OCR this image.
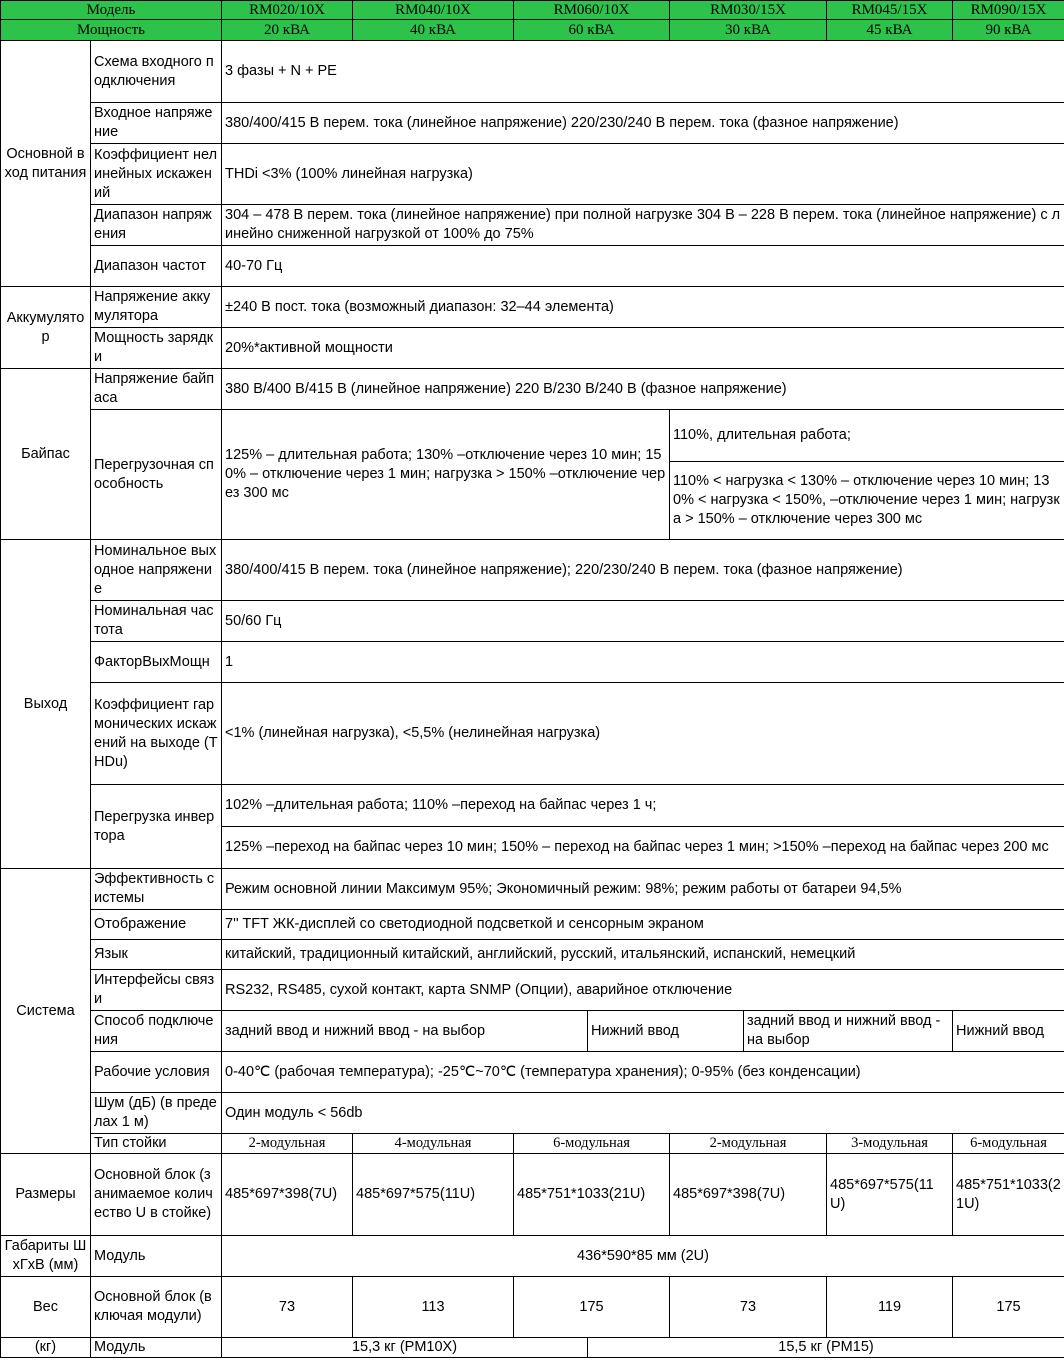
Модель		RM020/10X	RM040/10X	RM060/10X		RM030/15X		RM045/15X	RM090/15X
Мощность		20 кВА	40 кВА	60 кВА		30 кВА		45 кВА	90 кВА
Основной вход питания	Схема входного подключения	3 фазы + N + PE							
	Входное напряжение	380/400/415 В перем. тока (линейное напряжение) 220/230/240 В перем. тока (фазное напряжение)							
	Коэффициент нелинейных искажений	THDi <3% (100% линейная нагрузка)							
	Диапазон напряжения	304 – 478 В перем. тока (линейное напряжение) при полной нагрузке 304 В – 228 В перем. тока (линейное напряжение) с линейно сниженной нагрузкой от 100% до 75%							
	Диапазон частот	40-70 Гц							
Аккумулятор	Напряжение аккумулятора	±240 В пост. тока (возможный диапазон: 32–44 элемента)							
	Мощность зарядки	20%*активной мощности							
Байпас	Напряжение байпаса	380 В/400 В/415 В (линейное напряжение) 220 В/230 В/240 В (фазное напряжение)							
	Перегрузочная способность	125% – длительная работа; 130% –отключение через 10 мин; 150% – отключение через 1 мин; нагрузка > 150% –отключение через 300 мс				110%, длительная работа;			
						110% < нагрузка < 130% – отключение через 10 мин; 130% < нагрузка < 150%, –отключение через 1 мин; нагрузка > 150% – отключение через 300 мс			
Выход	Номинальное выходное напряжение	380/400/415 В перем. тока (линейное напряжение); 220/230/240 В перем. тока (фазное напряжение)							
	Номинальная частота	50/60 Гц							
	ФакторВыхМощн	1							
	Коэффициент гармонических искажений на выходе (THDu)	<1% (линейная нагрузка), <5,5% (нелинейная нагрузка)							
	Перегрузка инвертора	102% –длительная работа; 110% –переход на байпас через 1 ч;							
		125% –переход на байпас через 10 мин; 150% – переход на байпас через 1 мин; >150% –переход на байпас через 200 мс							
Система	Эффективность системы	Режим основной линии Максимум 95%; Экономичный режим: 98%; режим работы от батареи 94,5%							
	Отображение	7'' TFT ЖК-дисплей со светодиодной подсветкой и сенсорным экраном							
	Язык	китайский, традиционный китайский, английский, русский, итальянский, испанский, немецкий							
	Интерфейсы связи	RS232, RS485, сухой контакт, карта SNMP (Опции), аварийное отключение							
	Способ подключения	задний ввод и нижний ввод - на выбор			Нижний ввод		задний ввод и нижний ввод - на выбор		Нижний ввод
	Рабочие условия	0-40℃ (рабочая температура); -25℃~70℃ (температура хранения); 0-95% (без конденсации)							
	Шум (дБ) (в пределах 1 м)	Один модуль < 56db							
	Тип стойки	2-модульная	4-модульная	6-модульная		2-модульная		3-модульная	6-модульная
Размеры	Основной блок (занимаемое количество U в стойке)	485*697*398(7U)	485*697*575(11U)	485*751*1033(21U)		485*697*398(7U)		485*697*575(11U)	485*751*1033(21U)
Габариты ШхГхВ (мм)	Модуль	436*590*85 мм (2U)							
Вес	Основной блок (включая модули)	73	113	175		73		119	175
(кг)	Модуль	15,3 кг (PM10X)			15,5 кг (PM15)				
